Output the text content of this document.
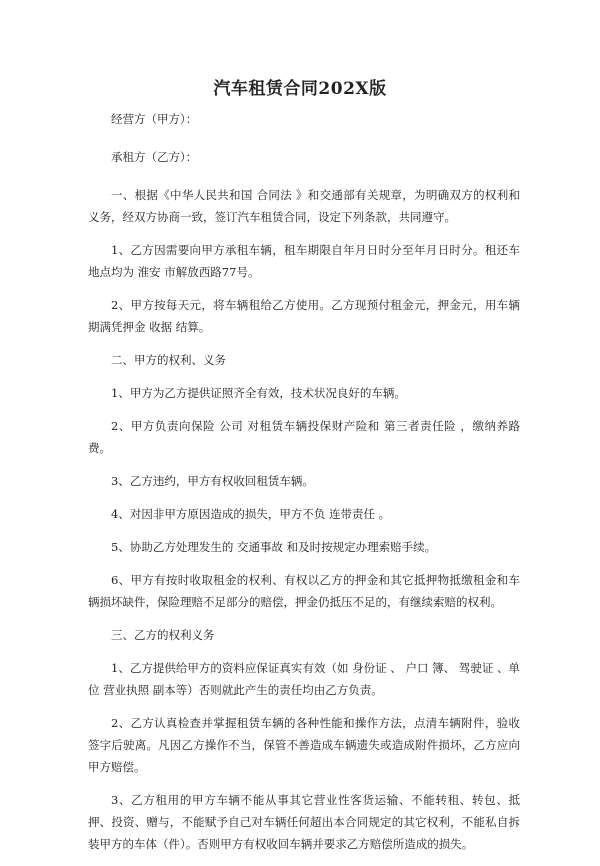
汽车租赁合同202X版

经营方（甲方）：

承租方（乙方）：

一、根据《中华人民共和国 合同法 》和交通部有关规章，为明确双方的权利和义务，经双方协商一致，签订汽车租赁合同，设定下列条款，共同遵守。

1、乙方因需要向甲方承租车辆，租车期限自年月日时分至年月日时分。租还车地点均为 淮安 市解放西路77号。

2、甲方按每天元，将车辆租给乙方使用。乙方现预付租金元，押金元，用车辆期满凭押金 收据 结算。

二、甲方的权利、义务

1、甲方为乙方提供证照齐全有效，技术状况良好的车辆。

2、甲方负责向保险 公司 对租赁车辆投保财产险和 第三者责任险 ，缴纳养路费。

3、乙方违约，甲方有权收回租赁车辆。

4、对因非甲方原因造成的损失，甲方不负 连带责任 。

5、协助乙方处理发生的 交通事故 和及时按规定办理索赔手续。

6、甲方有按时收取租金的权利、有权以乙方的押金和其它抵押物抵缴租金和车辆损坏缺件，保险理赔不足部分的赔偿，押金仍抵压不足的，有继续索赔的权利。

三、乙方的权利义务

1、乙方提供给甲方的资料应保证真实有效（如 身份证 、 户口 簿、 驾驶证 、单位 营业执照 副本等）否则就此产生的责任均由乙方负责。

2、乙方认真检查并掌握租赁车辆的各种性能和操作方法，点清车辆附件，验收签字后驶离。凡因乙方操作不当，保管不善造成车辆遗失或造成附件损坏，乙方应向甲方赔偿。

3、乙方租用的甲方车辆不能从事其它营业性客货运输、不能转租、转包、抵押、投资、赠与，不能赋予自己对车辆任何超出本合同规定的其它权利，不能私自拆装甲方的车体（件）。否则甲方有权收回车辆并要求乙方赔偿所造成的损失。
